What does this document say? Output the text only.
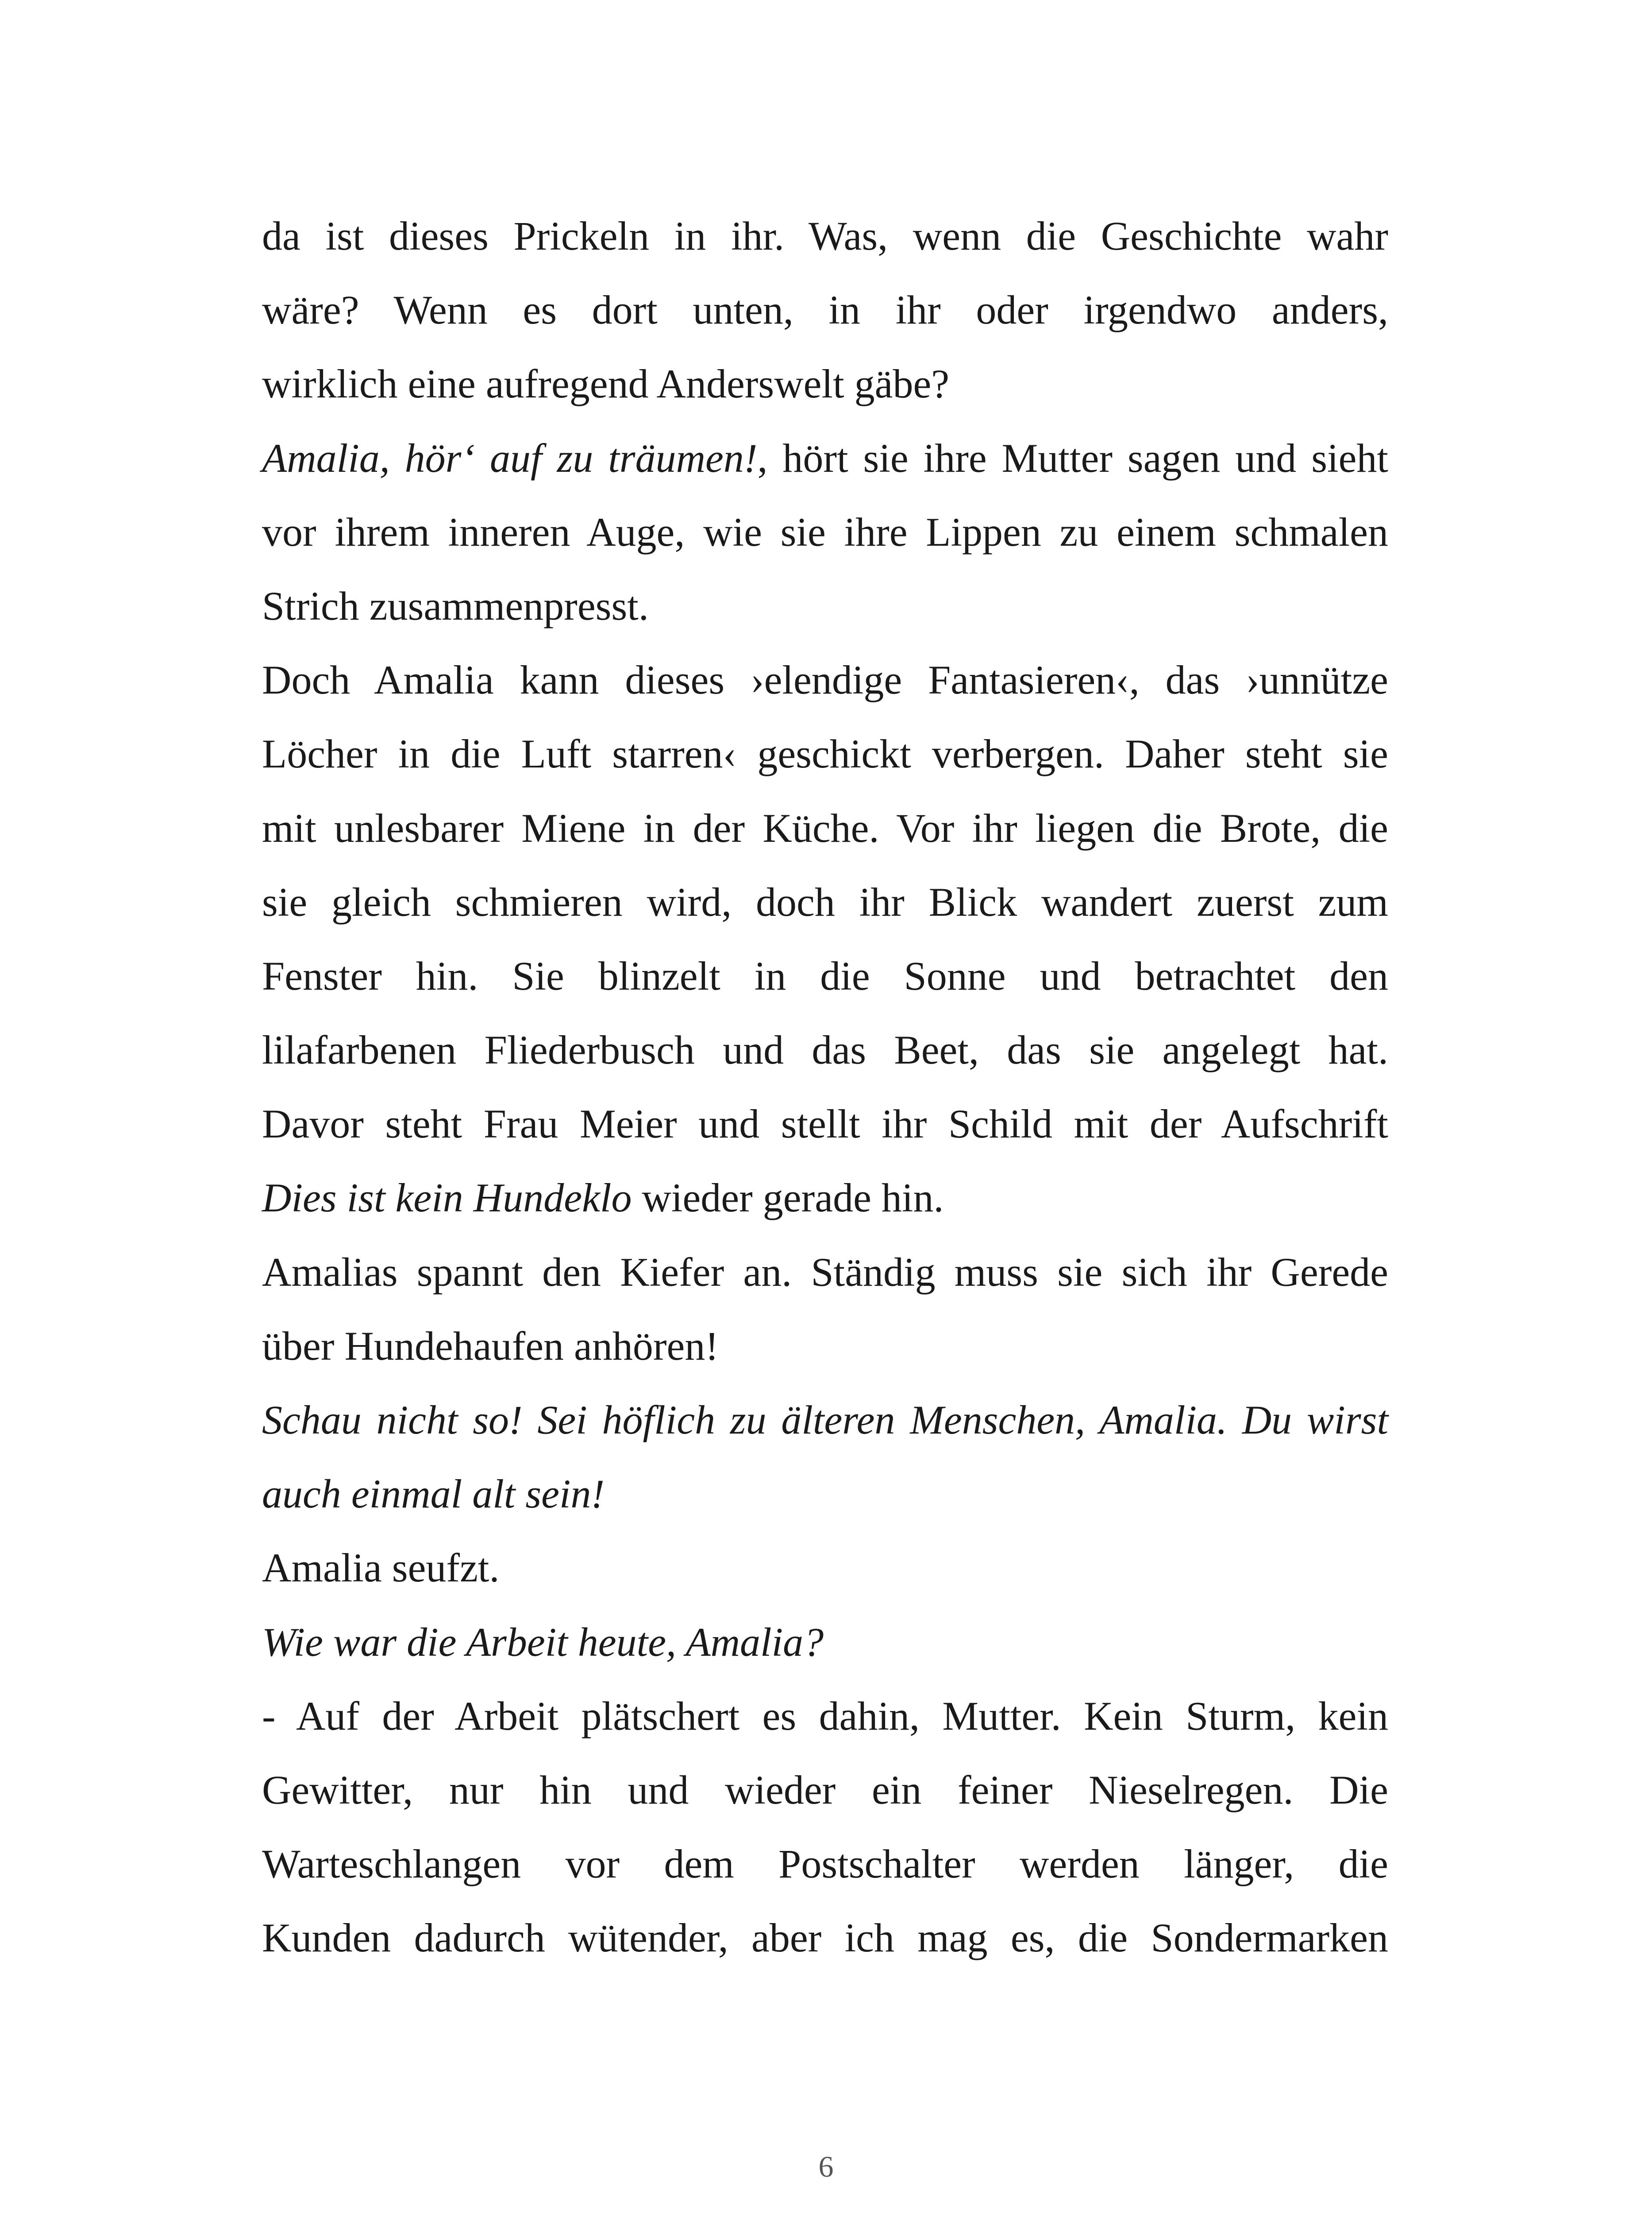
da ist dieses Prickeln in ihr. Was, wenn die Geschichte wahr
wäre? Wenn es dort unten, in ihr oder irgendwo anders,
wirklich eine aufregend Anderswelt gäbe?
Amalia, hör‘ auf zu träumen!, hört sie ihre Mutter sagen und sieht
vor ihrem inneren Auge, wie sie ihre Lippen zu einem schmalen
Strich zusammenpresst.
Doch Amalia kann dieses ›elendige Fantasieren‹, das ›unnütze
Löcher in die Luft starren‹ geschickt verbergen. Daher steht sie
mit unlesbarer Miene in der Küche. Vor ihr liegen die Brote, die
sie gleich schmieren wird, doch ihr Blick wandert zuerst zum
Fenster hin. Sie blinzelt in die Sonne und betrachtet den
lilafarbenen Fliederbusch und das Beet, das sie angelegt hat.
Davor steht Frau Meier und stellt ihr Schild mit der Aufschrift
Dies ist kein Hundeklo wieder gerade hin.
Amalias spannt den Kiefer an. Ständig muss sie sich ihr Gerede
über Hundehaufen anhören!
Schau nicht so! Sei höflich zu älteren Menschen, Amalia. Du wirst
auch einmal alt sein!
Amalia seufzt.
Wie war die Arbeit heute, Amalia?
- Auf der Arbeit plätschert es dahin, Mutter. Kein Sturm, kein
Gewitter, nur hin und wieder ein feiner Nieselregen. Die
Warteschlangen vor dem Postschalter werden länger, die
Kunden dadurch wütender, aber ich mag es, die Sondermarken
6
